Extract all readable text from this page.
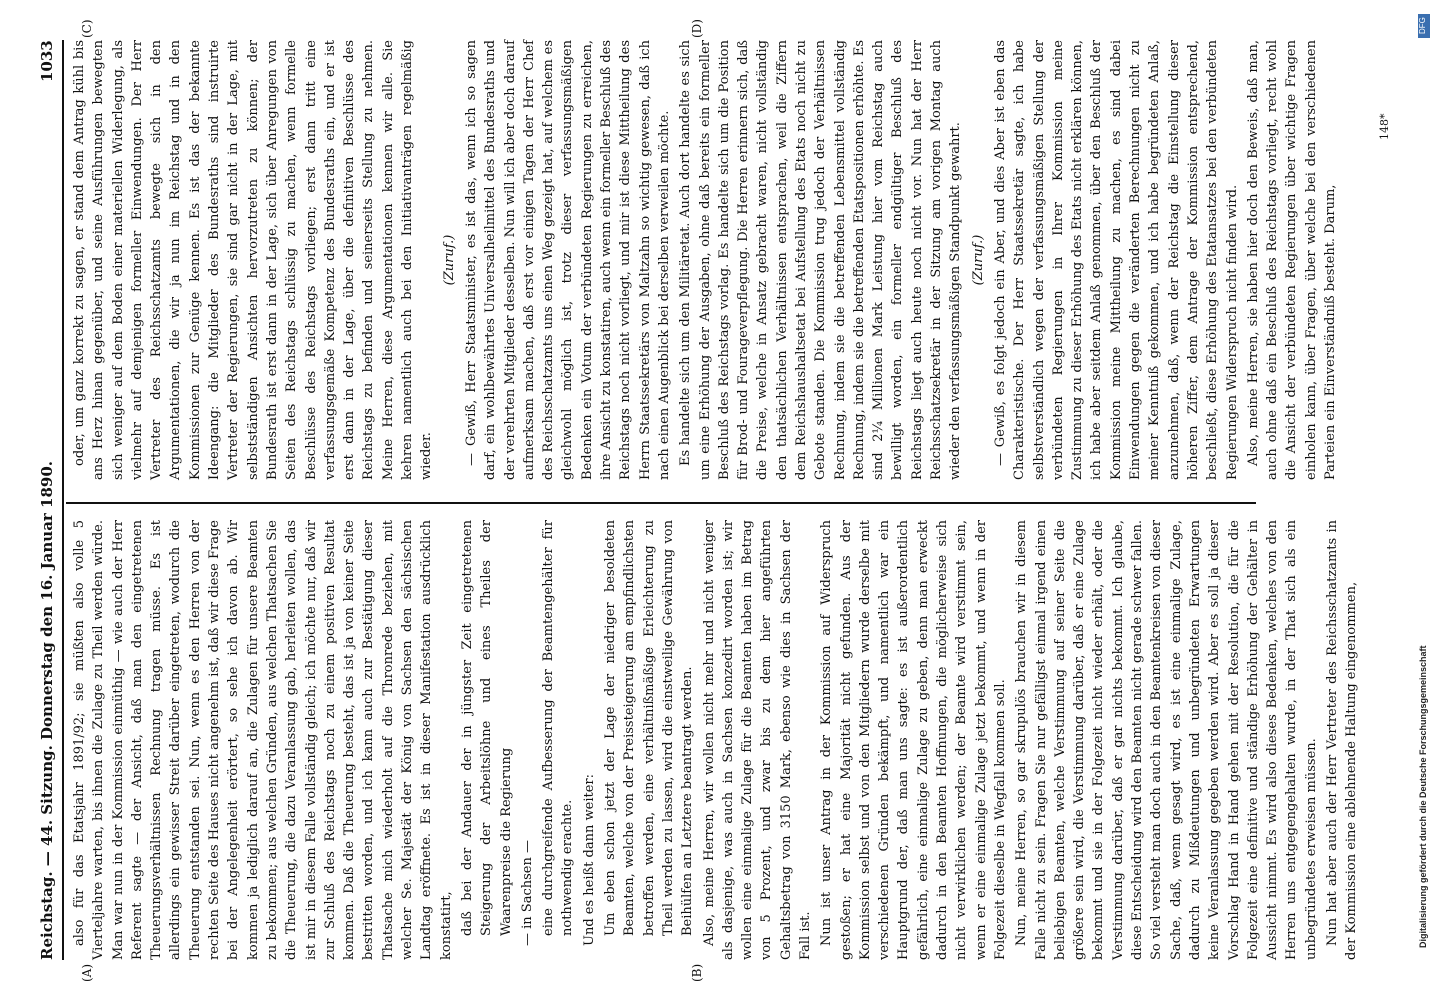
Reichstag. — 44. Sitzung. Donnerstag den 16. Januar 1890.
1033
(A)	(B)
(C)	(D)

also für das Etatsjahr 1891/92; sie müßten also volle 5 Vierteljahre warten, bis ihnen die Zulage zu Theil werden würde. Man war nun in der Kommission einmüthig — wie auch der Herr Referent sagte — der Ansicht, daß man den eingetretenen Theuerungsverhältnissen Rechnung tragen müsse. Es ist allerdings ein gewisser Streit darüber eingetreten, wodurch die Theuerung entstanden sei. Nun, wenn es den Herren von der rechten Seite des Hauses nicht angenehm ist, daß wir diese Frage bei der Angelegenheit erörtert, so sehe ich davon ab. Wir kommen ja lediglich darauf an, die Zulagen für unsere Beamten zu bekommen; aus welchen Gründen, aus welchen Thatsachen Sie die Theuerung, die dazu Veranlassung gab, herleiten wollen, das ist mir in diesem Falle vollständig gleich; ich möchte nur, daß wir zur Schluß des Reichstags noch zu einem positiven Resultat kommen. Daß die Theuerung besteht, das ist ja von keiner Seite bestritten worden, und ich kann auch zur Bestätigung dieser Thatsache mich wiederholt auf die Thronrede beziehen, mit welcher Se. Majestät der König von Sachsen den sächsischen Landtag eröffnete. Es ist in dieser Manifestation ausdrücklich konstatirt, daß bei der Andauer der in jüngster Zeit eingetretenen Steigerung der Arbeitslöhne und eines Theiles der Waarenpreise die Regierung — in Sachsen — eine durchgreifende Aufbesserung der Beamtengehälter für nothwendig erachte. Und es heißt dann weiter: Um eben schon jetzt der Lage der niedriger besoldeten Beamten, welche von der Preissteigerung am empfindlichsten betroffen werden, eine verhältnißmäßige Erleichterung zu Theil werden zu lassen, wird die einstweilige Gewährung von Beihülfen an Letztere beantragt werden. Also, meine Herren, wir wollen nicht mehr und nicht weniger als dasjenige, was auch in Sachsen konzedirt worden ist; wir wollen eine einmalige Zulage für die Beamten haben im Betrag von 5 Prozent, und zwar bis zu dem hier angeführten Gehaltsbetrag von 3150 Mark, ebenso wie dies in Sachsen der Fall ist. Nun ist unser Antrag in der Kommission auf Widerspruch gestoßen; er hat eine Majorität nicht gefunden. Aus der Kommission selbst und von den Mitgliedern wurde derselbe mit verschiedenen Gründen bekämpft, und namentlich war ein Hauptgrund der, daß man uns sagte: es ist außerordentlich gefährlich, eine einmalige Zulage zu geben, denn man erweckt dadurch in den Beamten Hoffnungen, die möglicherweise sich nicht verwirklichen werden; der Beamte wird verstimmt sein, wenn er eine einmalige Zulage jetzt bekommt, und wenn in der Folgezeit dieselbe in Wegfall kommen soll. Nun, meine Herren, so gar skrupulös brauchen wir in diesem Falle nicht zu sein. Fragen Sie nur gefälligst einmal irgend einen beliebigen Beamten, welche Verstimmung auf seiner Seite die größere sein wird, die Verstimmung darüber, daß er eine Zulage bekommt und sie in der Folgezeit nicht wieder erhält, oder die Verstimmung darüber, daß er gar nichts bekommt. Ich glaube, diese Entscheidung wird den Beamten nicht gerade schwer fallen. So viel versteht man doch auch in den Beamtenkreisen von dieser Sache, daß, wenn gesagt wird, es ist eine einmalige Zulage, dadurch zu Mißdeutungen und unbegründeten Erwartungen keine Veranlassung gegeben werden wird. Aber es soll ja dieser Vorschlag Hand in Hand gehen mit der Resolution, die für die Folgezeit eine definitive und ständige Erhöhung der Gehälter in Aussicht nimmt. Es wird also dieses Bedenken, welches von den Herren uns entgegengehalten wurde, in der That sich als ein unbegründetes erweisen müssen. Nun hat aber auch der Herr Vertreter des Reichsschatzamts in der Kommission eine ablehnende Haltung eingenommen,

oder, um ganz korrekt zu sagen, er stand dem Antrag kühl bis ans Herz hinan gegenüber, und seine Ausführungen bewegten sich weniger auf dem Boden einer materiellen Widerlegung, als vielmehr auf demjenigen formeller Einwendungen. Der Herr Vertreter des Reichsschatzamts bewegte sich in den Argumentationen, die wir ja nun im Reichstag und in den Kommissionen zur Genüge kennen. Es ist das der bekannte Ideengang: die Mitglieder des Bundesraths sind instruirte Vertreter der Regierungen, sie sind gar nicht in der Lage, mit selbstständigen Ansichten hervorzutreten zu können; der Bundesrath ist erst dann in der Lage, sich über Anregungen von Seiten des Reichstags schlüssig zu machen, wenn formelle Beschlüsse des Reichstags vorliegen; erst dann tritt eine verfassungsgemäße Kompetenz des Bundesraths ein, und er ist erst dann in der Lage, über die definitiven Beschlüsse des Reichstags zu befinden und seinerseits Stellung zu nehmen. Meine Herren, diese Argumentationen kennen wir alle. Sie kehren namentlich auch bei den Initiativanträgen regelmäßig wieder.

(Zuruf.) — Gewiß, Herr Staatsminister, es ist das, wenn ich so sagen darf, ein wohlbewährtes Universalheilmittel des Bundesraths und der verehrten Mitglieder desselben. Nun will ich aber doch darauf aufmerksam machen, daß erst vor einigen Tagen der Herr Chef des Reichsschatzamts uns einen Weg gezeigt hat, auf welchem es gleichwohl möglich ist, trotz dieser verfassungsmäßigen Bedenken ein Votum der verbündeten Regierungen zu erreichen, ihre Ansicht zu konstatiren, auch wenn ein formeller Beschluß des Reichstags noch nicht vorliegt, und mir ist diese Mittheilung des Herrn Staatssekretärs von Maltzahn so wichtig gewesen, daß ich nach einen Augenblick bei derselben verweilen möchte. Es handelte sich um den Militäretat. Auch dort handelte es sich um eine Erhöhung der Ausgaben, ohne daß bereits ein formeller Beschluß des Reichstags vorlag. Es handelte sich um die Position für Brod- und Fourageverpflegung. Die Herren erinnern sich, daß die Preise, welche in Ansatz gebracht waren, nicht vollständig den thatsächlichen Verhältnissen entsprachen, weil die Ziffern dem Reichshaushaltsetat bei Aufstellung des Etats noch nicht zu Gebote standen. Die Kommission trug jedoch der Verhältnissen Rechnung, indem sie die betreffenden Lebensmittel vollständig Rechnung, indem sie die betreffenden Etatspositionen erhöhte. Es sind 2¼ Millionen Mark Leistung hier vom Reichstag auch bewilligt worden, ein formeller endgültiger Beschluß des Reichstags liegt auch heute noch nicht vor. Nun hat der Herr Reichsschatzsekretär in der Sitzung am vorigen Montag auch wieder den verfassungsmäßigen Standpunkt gewahrt. (Zuruf.) — Gewiß, es folgt jedoch ein Aber, und dies Aber ist eben das Charakteristische. Der Herr Staatssekretär sagte, ich habe selbstverständlich wegen der verfassungsmäßigen Stellung der verbündeten Regierungen in Ihrer Kommission meine Zustimmung zu dieser Erhöhung des Etats nicht erklären können, ich habe aber seitdem Anlaß genommen, über den Beschluß der Kommission meine Mittheilung zu machen, es sind dabei Einwendungen gegen die veränderten Berechnungen nicht zu meiner Kenntniß gekommen, und ich habe begründeten Anlaß, anzunehmen, daß, wenn der Reichstag die Einstellung dieser höheren Ziffer, dem Antrage der Kommission entsprechend, beschließt, diese Erhöhung des Etatansatzes bei den verbündeten Regierungen Widerspruch nicht finden wird. Also, meine Herren, sie haben hier doch den Beweis, daß man, auch ohne daß ein Beschluß des Reichstags vorliegt, recht wohl die Ansicht der verbündeten Regierungen über wichtige Fragen einholen kann, über Fragen, über welche bei den verschiedenen Parteien ein Einverständniß besteht. Darum,

148*
DFG
Digitalisierung gefördert durch die Deutsche Forschungsgemeinschaft
